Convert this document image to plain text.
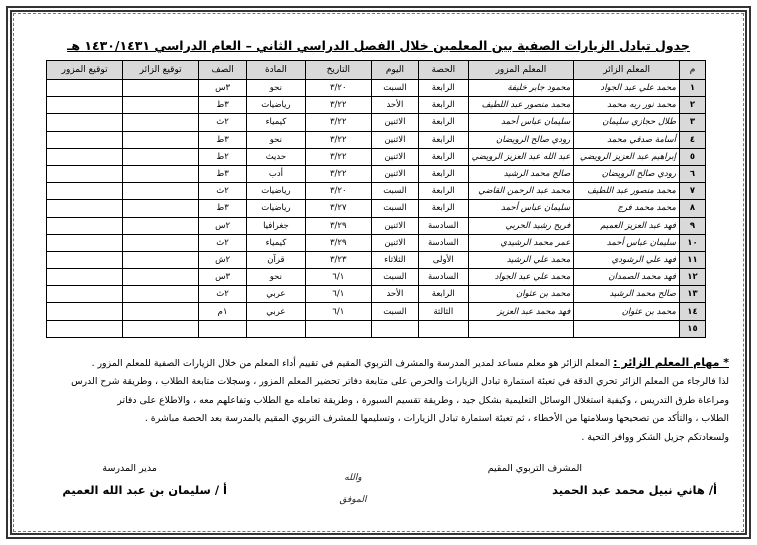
جدول تبادل الزيارات الصفية بين المعلمين خلال الفصل الدراسي الثاني – العام الدراسي ١٤٣٠/١٤٣١ هـ
م	المعلم الزائر	المعلم المزور	الحصة	اليوم	التاريخ	المادة	الصف	توقيع الزائر	توقيع المزور
١	محمد علي عبد الجواد	محمود جابر خليفة	الرابعة	السبت	٣/٢٠	نحو	٣س		
٢	محمد نور ربه محمد	محمد منصور عبد اللطيف	الرابعة	الأحد	٣/٢٢	رياضيات	٣ط		
٣	طلال حجازي سليمان	سليمان عباس أحمد	الرابعة	الاثنين	٣/٢٢	كيمياء	٢ث		
٤	أسامة صدقي محمد	رودي صالح الرويضان	الرابعة	الاثنين	٣/٢٢	نحو	٣ط		
٥	إبراهيم عبد العزيز الرويضي	عبد الله عبد العزيز الرويضي	الرابعة	الاثنين	٣/٢٢	حديث	٢ط		
٦	رودي صالح الرويضان	صالح محمد الرشيد	الرابعة	الاثنين	٣/٢٢	أدب	٣ط		
٧	محمد منصور عبد اللطيف	محمد عبد الرحمن القاضي	الرابعة	السبت	٣/٢٠	رياضيات	٢ث		
٨	محمد محمد فرج	سليمان عباس أحمد	الرابعة	السبت	٣/٢٧	رياضيات	٣ط		
٩	فهد عبد العزيز العميم	فريح رشيد الحربي	السادسة	الاثنين	٣/٢٩	جغرافيا	٢س		
١٠	سليمان عباس أحمد	عمر محمد الرشيدي	السادسة	الاثنين	٣/٢٩	كيمياء	٢ث		
١١	فهد علي الرشودي	محمد علي الرشيد	الأولى	الثلاثاء	٣/٢٣	قرآن	٢ش		
١٢	فهد محمد الصمدان	محمد علي عبد الجواد	السادسة	السبت	٦/١	نحو	٣س		
١٣	صالح محمد الرشيد	محمد بن عثوان	الرابعة	الأحد	٦/١	عربي	٢ث		
١٤	محمد بن عثوان	فهد محمد عبد العزيز	الثالثة	السبت	٦/١	عربي	١م		
١٥									
* مهام المعلم الزائر : المعلم الزائر هو معلم مساعد لمدير المدرسة والمشرف التربوي المقيم في تقييم أداء المعلم من خلال الزيارات الصفية للمعلم المزور .
لذا فالرجاء من المعلم الزائر تحري الدقة في تعبئة استمارة تبادل الزيارات والحرص على متابعة دفاتر تحضير المعلم المزور ، وسجلات متابعة الطلاب ، وطريقة شرح الدرس
ومراعاة طرق التدريس ، وكيفية استغلال الوسائل التعليمية بشكل جيد ، وطريقة تقسيم السبورة ، وطريقة تعامله مع الطلاب وتفاعلهم معه ، والاطلاع على دفاتر
الطلاب ، والتأكد من تصحيحها وسلامتها من الأخطاء ، ثم تعبئة استمارة تبادل الزيارات ، وتسليمها للمشرف التربوي المقيم بالمدرسة بعد الحصة مباشرة .
ولسعادتكم جزيل الشكر ووافر التحية .
مدير المدرسة
أ / سليمان بن عبد الله العميم
والله الموفق
المشرف التربوي المقيم
أ/ هاني نبيل محمد عبد الحميد
